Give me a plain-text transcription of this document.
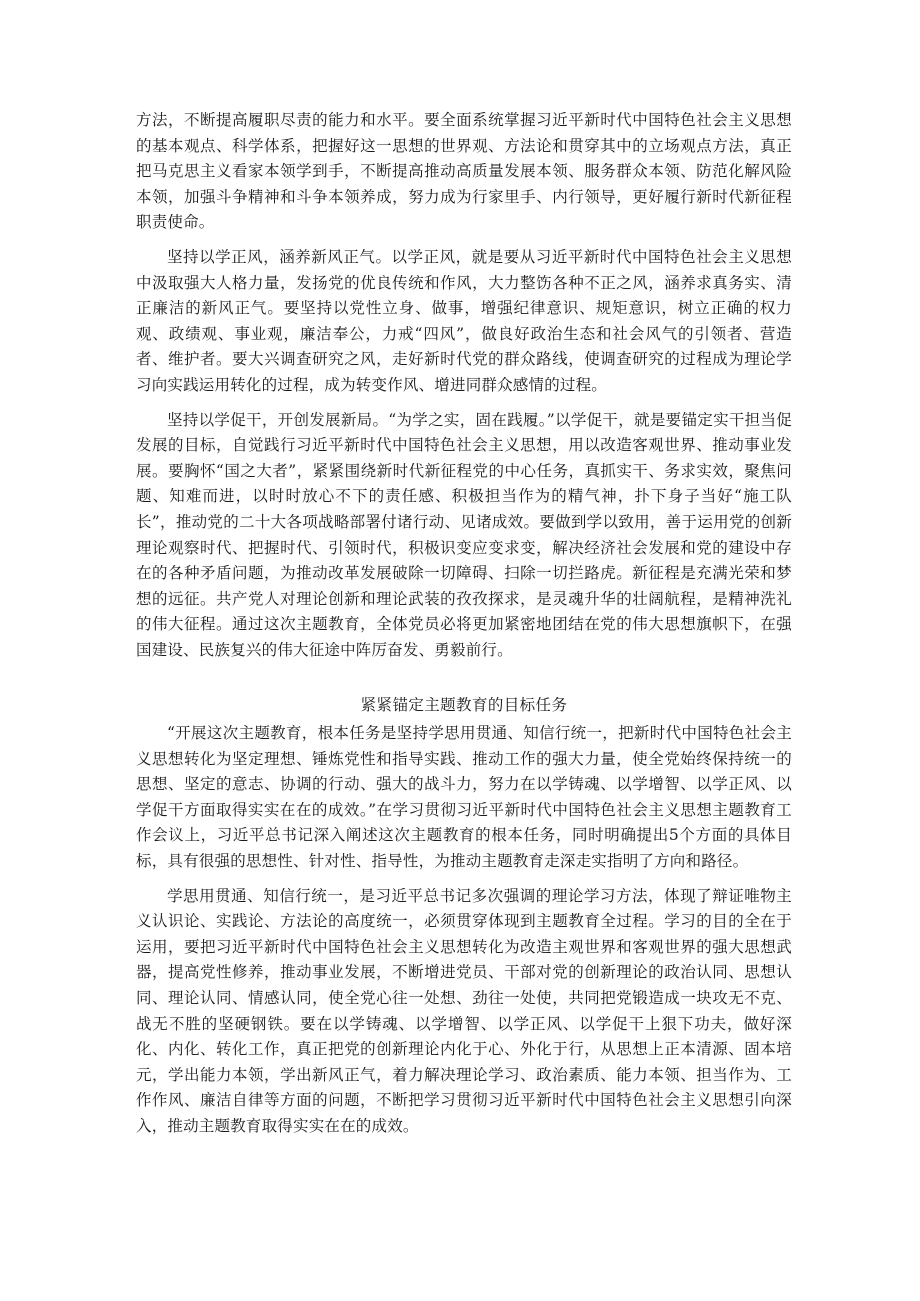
方法，不断提高履职尽责的能力和水平。要全面系统掌握习近平新时代中国特色社会主义思想的基本观点、科学体系，把握好这一思想的世界观、方法论和贯穿其中的立场观点方法，真正把马克思主义看家本领学到手，不断提高推动高质量发展本领、服务群众本领、防范化解风险本领，加强斗争精神和斗争本领养成，努力成为行家里手、内行领导，更好履行新时代新征程职责使命。

坚持以学正风，涵养新风正气。以学正风，就是要从习近平新时代中国特色社会主义思想中汲取强大人格力量，发扬党的优良传统和作风，大力整饬各种不正之风，涵养求真务实、清正廉洁的新风正气。要坚持以党性立身、做事，增强纪律意识、规矩意识，树立正确的权力观、政绩观、事业观，廉洁奉公，力戒“四风”，做良好政治生态和社会风气的引领者、营造者、维护者。要大兴调查研究之风，走好新时代党的群众路线，使调查研究的过程成为理论学习向实践运用转化的过程，成为转变作风、增进同群众感情的过程。

坚持以学促干，开创发展新局。“为学之实，固在践履。”以学促干，就是要锚定实干担当促发展的目标，自觉践行习近平新时代中国特色社会主义思想，用以改造客观世界、推动事业发展。要胸怀“国之大者”，紧紧围绕新时代新征程党的中心任务，真抓实干、务求实效，聚焦问题、知难而进，以时时放心不下的责任感、积极担当作为的精气神，扑下身子当好“施工队长”，推动党的二十大各项战略部署付诸行动、见诸成效。要做到学以致用，善于运用党的创新理论观察时代、把握时代、引领时代，积极识变应变求变，解决经济社会发展和党的建设中存在的各种矛盾问题，为推动改革发展破除一切障碍、扫除一切拦路虎。新征程是充满光荣和梦想的远征。共产党人对理论创新和理论武装的孜孜探求，是灵魂升华的壮阔航程，是精神洗礼的伟大征程。通过这次主题教育，全体党员必将更加紧密地团结在党的伟大思想旗帜下，在强国建设、民族复兴的伟大征途中阵厉奋发、勇毅前行。

紧紧锚定主题教育的目标任务

“开展这次主题教育，根本任务是坚持学思用贯通、知信行统一，把新时代中国特色社会主义思想转化为坚定理想、锤炼党性和指导实践、推动工作的强大力量，使全党始终保持统一的思想、坚定的意志、协调的行动、强大的战斗力，努力在以学铸魂、以学增智、以学正风、以学促干方面取得实实在在的成效。”在学习贯彻习近平新时代中国特色社会主义思想主题教育工作会议上，习近平总书记深入阐述这次主题教育的根本任务，同时明确提出5个方面的具体目标，具有很强的思想性、针对性、指导性，为推动主题教育走深走实指明了方向和路径。

学思用贯通、知信行统一，是习近平总书记多次强调的理论学习方法，体现了辩证唯物主义认识论、实践论、方法论的高度统一，必须贯穿体现到主题教育全过程。学习的目的全在于运用，要把习近平新时代中国特色社会主义思想转化为改造主观世界和客观世界的强大思想武器，提高党性修养，推动事业发展，不断增进党员、干部对党的创新理论的政治认同、思想认同、理论认同、情感认同，使全党心往一处想、劲往一处使，共同把党锻造成一块攻无不克、战无不胜的坚硬钢铁。要在以学铸魂、以学增智、以学正风、以学促干上狠下功夫，做好深化、内化、转化工作，真正把党的创新理论内化于心、外化于行，从思想上正本清源、固本培元，学出能力本领，学出新风正气，着力解决理论学习、政治素质、能力本领、担当作为、工作作风、廉洁自律等方面的问题，不断把学习贯彻习近平新时代中国特色社会主义思想引向深入，推动主题教育取得实实在在的成效。
